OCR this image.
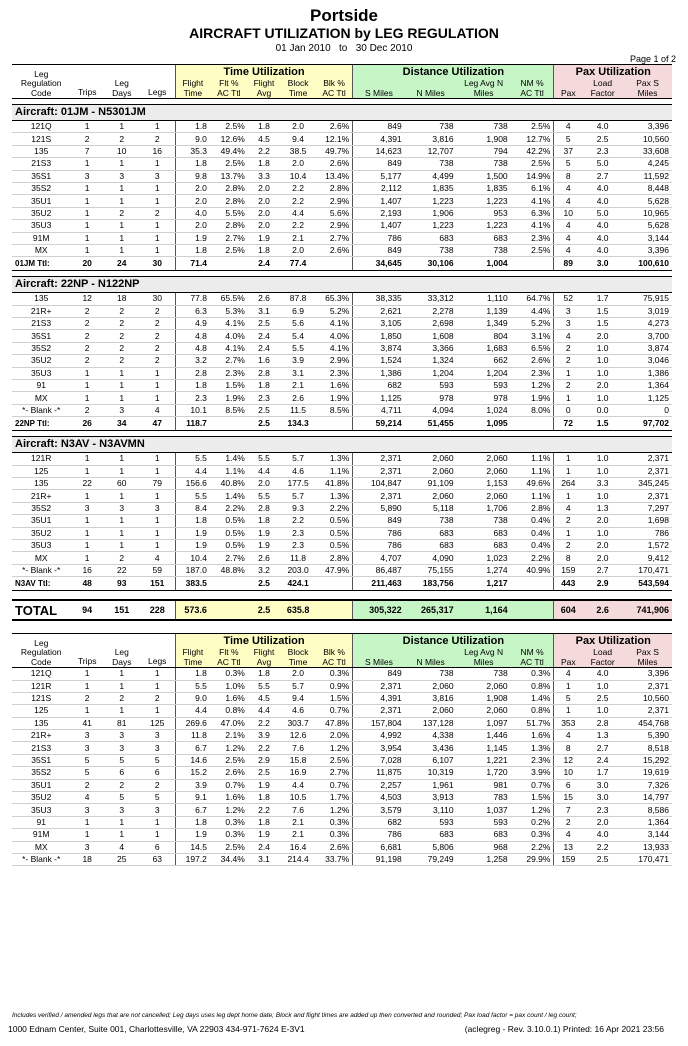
Portside
AIRCRAFT UTILIZATION by LEG REGULATION
01 Jan 2010 to 30 Dec 2010
Page 1 of 2
Leg Regulation Code	Trips	Leg Days	Legs	Time Utilization					Distance Utilization				Pax Utilization		
				Flight Time	Flt % AC Ttl	Flight Avg	Block Time	Blk % AC Ttl	S Miles	N Miles	Leg Avg N Miles	NM % AC Ttl	Pax	Load Factor	Pax S Miles

Aircraft: 01JM - N5301JM															
121Q	1	1	1	1.8	2.5%	1.8	2.0	2.6%	849	738	738	2.5%	4	4.0	3,396
121S	2	2	2	9.0	12.6%	4.5	9.4	12.1%	4,391	3,816	1,908	12.7%	5	2.5	10,560
135	7	10	16	35.3	49.4%	2.2	38.5	49.7%	14,623	12,707	794	42.2%	37	2.3	33,608
21S3	1	1	1	1.8	2.5%	1.8	2.0	2.6%	849	738	738	2.5%	5	5.0	4,245
35S1	3	3	3	9.8	13.7%	3.3	10.4	13.4%	5,177	4,499	1,500	14.9%	8	2.7	11,592
35S2	1	1	1	2.0	2.8%	2.0	2.2	2.8%	2,112	1,835	1,835	6.1%	4	4.0	8,448
35U1	1	1	1	2.0	2.8%	2.0	2.2	2.9%	1,407	1,223	1,223	4.1%	4	4.0	5,628
35U2	1	2	2	4.0	5.5%	2.0	4.4	5.6%	2,193	1,906	953	6.3%	10	5.0	10,965
35U3	1	1	1	2.0	2.8%	2.0	2.2	2.9%	1,407	1,223	1,223	4.1%	4	4.0	5,628
91M	1	1	1	1.9	2.7%	1.9	2.1	2.7%	786	683	683	2.3%	4	4.0	3,144
MX	1	1	1	1.8	2.5%	1.8	2.0	2.6%	849	738	738	2.5%	4	4.0	3,396
01JM Ttl:	20	24	30	71.4		2.4	77.4		34,645	30,106	1,004		89	3.0	100,610

Aircraft: 22NP - N122NP															
135	12	18	30	77.8	65.5%	2.6	87.8	65.3%	38,335	33,312	1,110	64.7%	52	1.7	75,915
21R+	2	2	2	6.3	5.3%	3.1	6.9	5.2%	2,621	2,278	1,139	4.4%	3	1.5	3,019
21S3	2	2	2	4.9	4.1%	2.5	5.6	4.1%	3,105	2,698	1,349	5.2%	3	1.5	4,273
35S1	2	2	2	4.8	4.0%	2.4	5.4	4.0%	1,850	1,608	804	3.1%	4	2.0	3,700
35S2	2	2	2	4.8	4.1%	2.4	5.5	4.1%	3,874	3,366	1,683	6.5%	2	1.0	3,874
35U2	2	2	2	3.2	2.7%	1.6	3.9	2.9%	1,524	1,324	662	2.6%	2	1.0	3,046
35U3	1	1	1	2.8	2.3%	2.8	3.1	2.3%	1,386	1,204	1,204	2.3%	1	1.0	1,386
91	1	1	1	1.8	1.5%	1.8	2.1	1.6%	682	593	593	1.2%	2	2.0	1,364
MX	1	1	1	2.3	1.9%	2.3	2.6	1.9%	1,125	978	978	1.9%	1	1.0	1,125
*- Blank -*	2	3	4	10.1	8.5%	2.5	11.5	8.5%	4,711	4,094	1,024	8.0%	0	0.0	0
22NP Ttl:	26	34	47	118.7		2.5	134.3		59,214	51,455	1,095		72	1.5	97,702

Aircraft: N3AV - N3AVMN															
121R	1	1	1	5.5	1.4%	5.5	5.7	1.3%	2,371	2,060	2,060	1.1%	1	1.0	2,371
125	1	1	1	4.4	1.1%	4.4	4.6	1.1%	2,371	2,060	2,060	1.1%	1	1.0	2,371
135	22	60	79	156.6	40.8%	2.0	177.5	41.8%	104,847	91,109	1,153	49.6%	264	3.3	345,245
21R+	1	1	1	5.5	1.4%	5.5	5.7	1.3%	2,371	2,060	2,060	1.1%	1	1.0	2,371
35S2	3	3	3	8.4	2.2%	2.8	9.3	2.2%	5,890	5,118	1,706	2.8%	4	1.3	7,297
35U1	1	1	1	1.8	0.5%	1.8	2.2	0.5%	849	738	738	0.4%	2	2.0	1,698
35U2	1	1	1	1.9	0.5%	1.9	2.3	0.5%	786	683	683	0.4%	1	1.0	786
35U3	1	1	1	1.9	0.5%	1.9	2.3	0.5%	786	683	683	0.4%	2	2.0	1,572
MX	1	2	4	10.4	2.7%	2.6	11.8	2.8%	4,707	4,090	1,023	2.2%	8	2.0	9,412
*- Blank -*	16	22	59	187.0	48.8%	3.2	203.0	47.9%	86,487	75,155	1,274	40.9%	159	2.7	170,471
N3AV Ttl:	48	93	151	383.5		2.5	424.1		211,463	183,756	1,217		443	2.9	543,594

TOTAL	94	151	228	573.6		2.5	635.8		305,322	265,317	1,164		604	2.6	741,906
Leg Regulation Code	Trips	Leg Days	Legs	Time Utilization					Distance Utilization				Pax Utilization		
				Flight Time	Flt % AC Ttl	Flight Avg	Block Time	Blk % AC Ttl	S Miles	N Miles	Leg Avg N Miles	NM % AC Ttl	Pax	Load Factor	Pax S Miles
121Q	1	1	1	1.8	0.3%	1.8	2.0	0.3%	849	738	738	0.3%	4	4.0	3,396
121R	1	1	1	5.5	1.0%	5.5	5.7	0.9%	2,371	2,060	2,060	0.8%	1	1.0	2,371
121S	2	2	2	9.0	1.6%	4.5	9.4	1.5%	4,391	3,816	1,908	1.4%	5	2.5	10,560
125	1	1	1	4.4	0.8%	4.4	4.6	0.7%	2,371	2,060	2,060	0.8%	1	1.0	2,371
135	41	81	125	269.6	47.0%	2.2	303.7	47.8%	157,804	137,128	1,097	51.7%	353	2.8	454,768
21R+	3	3	3	11.8	2.1%	3.9	12.6	2.0%	4,992	4,338	1,446	1.6%	4	1.3	5,390
21S3	3	3	3	6.7	1.2%	2.2	7.6	1.2%	3,954	3,436	1,145	1.3%	8	2.7	8,518
35S1	5	5	5	14.6	2.5%	2.9	15.8	2.5%	7,028	6,107	1,221	2.3%	12	2.4	15,292
35S2	5	6	6	15.2	2.6%	2.5	16.9	2.7%	11,875	10,319	1,720	3.9%	10	1.7	19,619
35U1	2	2	2	3.9	0.7%	1.9	4.4	0.7%	2,257	1,961	981	0.7%	6	3.0	7,326
35U2	4	5	5	9.1	1.6%	1.8	10.5	1.7%	4,503	3,913	783	1.5%	15	3.0	14,797
35U3	3	3	3	6.7	1.2%	2.2	7.6	1.2%	3,579	3,110	1,037	1.2%	7	2.3	8,586
91	1	1	1	1.8	0.3%	1.8	2.1	0.3%	682	593	593	0.2%	2	2.0	1,364
91M	1	1	1	1.9	0.3%	1.9	2.1	0.3%	786	683	683	0.3%	4	4.0	3,144
MX	3	4	6	14.5	2.5%	2.4	16.4	2.6%	6,681	5,806	968	2.2%	13	2.2	13,933
*- Blank -*	18	25	63	197.2	34.4%	3.1	214.4	33.7%	91,198	79,249	1,258	29.9%	159	2.5	170,471
Includes verified / amended legs that are not cancelled; Leg days uses leg dept home date; Block and flight times are added up then converted and rounded; Pax load factor = pax count / leg count;
1000 Ednam Center, Suite 001, Charlottesville, VA 22903 434-971-7624 E-3V1	(aclegreg - Rev. 3.10.0.1) Printed: 16 Apr 2021 23:56
